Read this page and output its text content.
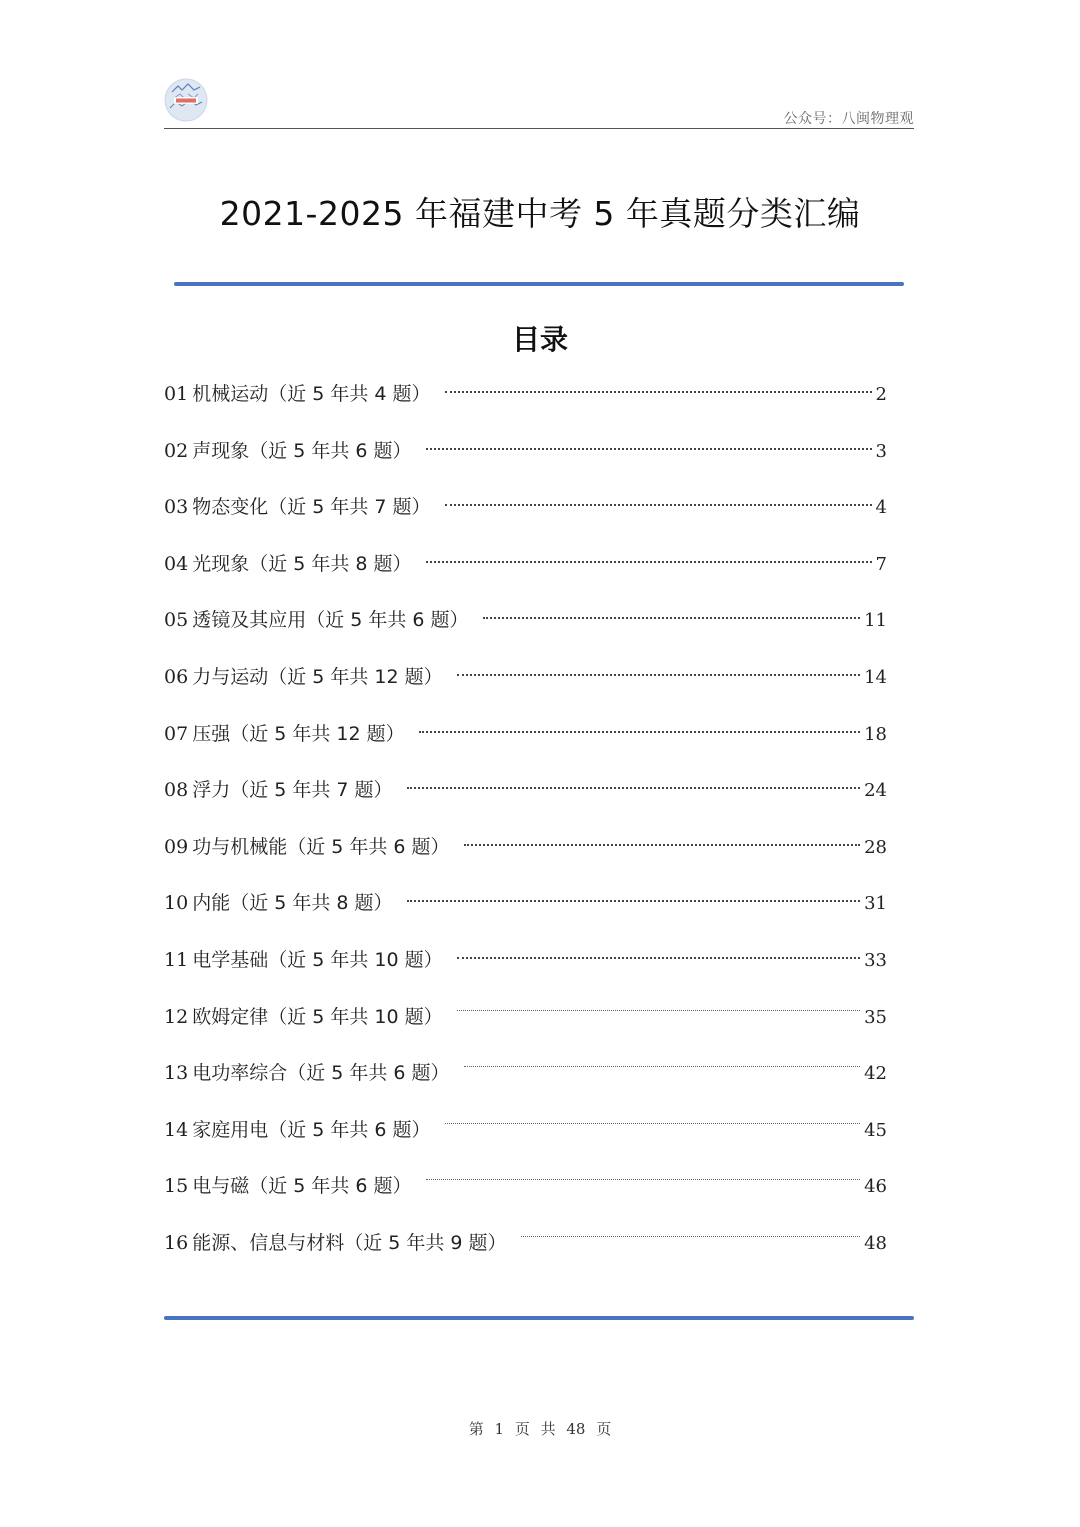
公众号：八闽物理观
2021-2025 年福建中考 5 年真题分类汇编
目录
01 机械运动（近 5 年共 4 题）	2
02 声现象（近 5 年共 6 题）	3
03 物态变化（近 5 年共 7 题）	4
04 光现象（近 5 年共 8 题）	7
05 透镜及其应用（近 5 年共 6 题）	11
06 力与运动（近 5 年共 12 题）	14
07 压强（近 5 年共 12 题）	18
08 浮力（近 5 年共 7 题）	24
09 功与机械能（近 5 年共 6 题）	28
10 内能（近 5 年共 8 题）	31
11 电学基础（近 5 年共 10 题）	33
12 欧姆定律（近 5 年共 10 题）	35
13 电功率综合（近 5 年共 6 题）	42
14 家庭用电（近 5 年共 6 题）	45
15 电与磁（近 5 年共 6 题）	46
16 能源、信息与材料（近 5 年共 9 题）	48
第 1 页 共 48 页
